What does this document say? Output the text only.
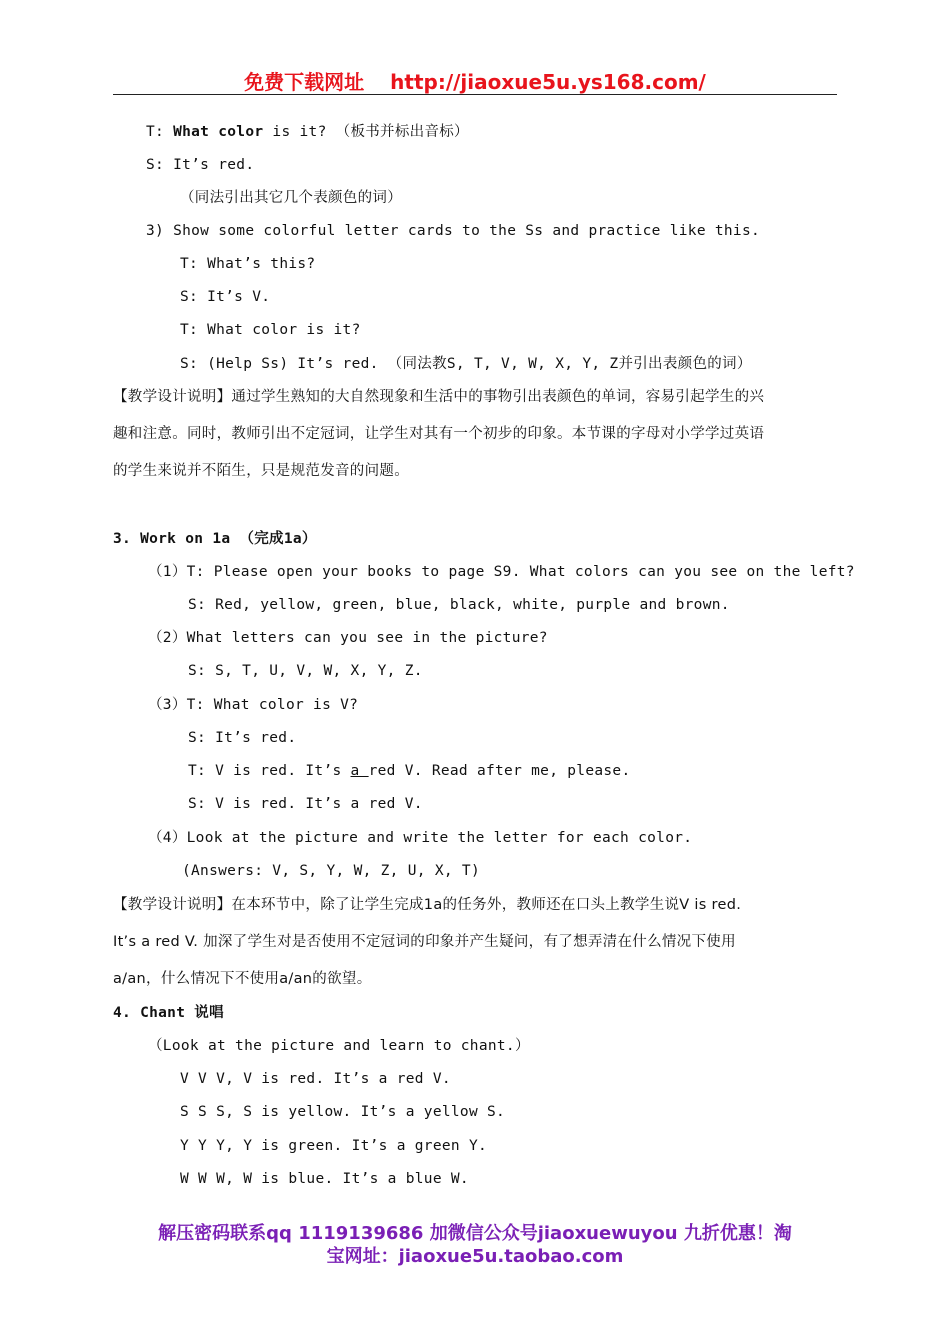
免费下载网址 http://jiaoxue5u.ys168.com/
T: What color is it? （板书并标出音标）
S: It’s red.
（同法引出其它几个表颜色的词）
3) Show some colorful letter cards to the Ss and practice like this.
T: What’s this?
S: It’s V.
T: What color is it?
S: (Help Ss) It’s red. （同法教S, T, V, W, X, Y, Z并引出表颜色的词）
【教学设计说明】通过学生熟知的大自然现象和生活中的事物引出表颜色的单词，容易引起学生的兴
趣和注意。同时，教师引出不定冠词，让学生对其有一个初步的印象。本节课的字母对小学学过英语
的学生来说并不陌生，只是规范发音的问题。
3. Work on 1a （完成1a）
（1）T: Please open your books to page S9. What colors can you see on the left?
S: Red, yellow, green, blue, black, white, purple and brown.
（2）What letters can you see in the picture?
S: S, T, U, V, W, X, Y, Z.
（3）T: What color is V?
S: It’s red.
T: V is red. It’s a red V. Read after me, please.
S: V is red. It’s a red V.
（4）Look at the picture and write the letter for each color.
(Answers: V, S, Y, W, Z, U, X, T)
【教学设计说明】在本环节中，除了让学生完成1a的任务外，教师还在口头上教学生说V is red.
It’s a red V. 加深了学生对是否使用不定冠词的印象并产生疑问，有了想弄清在什么情况下使用
a/an，什么情况下不使用a/an的欲望。
4. Chant 说唱
（Look at the picture and learn to chant.）
V V V, V is red. It’s a red V.
S S S, S is yellow. It’s a yellow S.
Y Y Y, Y is green. It’s a green Y.
W W W, W is blue. It’s a blue W.
解压密码联系qq 1119139686 加微信公众号jiaoxuewuyou 九折优惠！淘
宝网址：jiaoxue5u.taobao.com
